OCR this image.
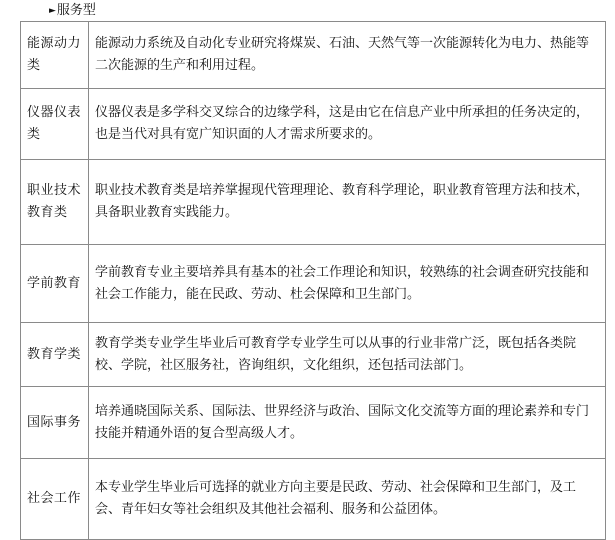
► 服务型
能源动力类	能源动力系统及自动化专业研究将煤炭、石油、天然气等一次能源转化为电力、热能等二次能源的生产和利用过程。
仪器仪表类	仪器仪表是多学科交叉综合的边缘学科，这是由它在信息产业中所承担的任务决定的，也是当代对具有宽广知识面的人才需求所要求的。
职业技术教育类	职业技术教育类是培养掌握现代管理理论、教育科学理论，职业教育管理方法和技术，具备职业教育实践能力。
学前教育	学前教育专业主要培养具有基本的社会工作理论和知识，较熟练的社会调查研究技能和社会工作能力，能在民政、劳动、杜会保障和卫生部门。
教育学类	教育学类专业学生毕业后可教育学专业学生可以从事的行业非常广泛，既包括各类院校、学院，社区服务社，咨询组织，文化组织，还包括司法部门。
国际事务	培养通晓国际关系、国际法、世界经济与政治、国际文化交流等方面的理论素养和专门技能并精通外语的复合型高级人才。
社会工作	本专业学生毕业后可选择的就业方向主要是民政、劳动、社会保障和卫生部门，及工会、青年妇女等社会组织及其他社会福利、服务和公益团体。
